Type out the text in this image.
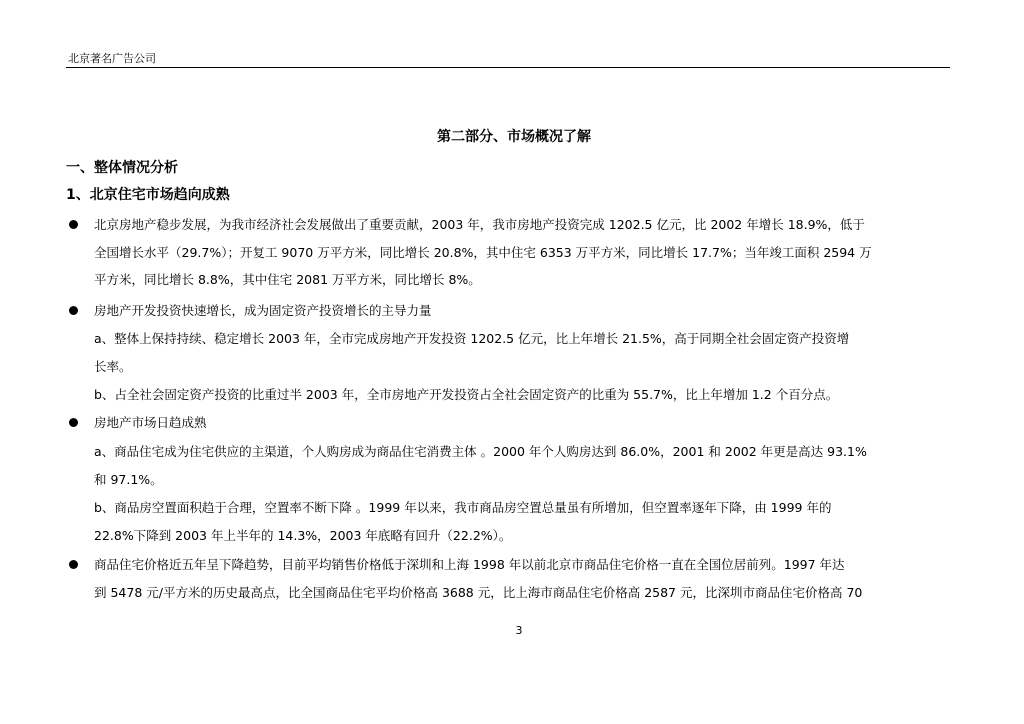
北京著名广告公司
第二部分、市场概况了解
一、整体情况分析
1、北京住宅市场趋向成熟
北京房地产稳步发展，为我市经济社会发展做出了重要贡献，2003 年，我市房地产投资完成 1202.5 亿元，比 2002 年增长 18.9%，低于
全国增长水平（29.7%）；开复工 9070 万平方米，同比增长 20.8%，其中住宅 6353 万平方米，同比增长 17.7%；当年竣工面积 2594 万
平方米，同比增长 8.8%，其中住宅 2081 万平方米，同比增长 8%。
房地产开发投资快速增长，成为固定资产投资增长的主导力量
a、整体上保持持续、稳定增长 2003 年，全市完成房地产开发投资 1202.5 亿元，比上年增长 21.5%，高于同期全社会固定资产投资增
长率。
b、占全社会固定资产投资的比重过半 2003 年，全市房地产开发投资占全社会固定资产的比重为 55.7%，比上年增加 1.2 个百分点。
房地产市场日趋成熟
a、商品住宅成为住宅供应的主渠道，个人购房成为商品住宅消费主体 。2000 年个人购房达到 86.0%，2001 和 2002 年更是高达 93.1%
和 97.1%。
b、商品房空置面积趋于合理，空置率不断下降 。1999 年以来，我市商品房空置总量虽有所增加，但空置率逐年下降，由 1999 年的
22.8%下降到 2003 年上半年的 14.3%，2003 年底略有回升（22.2%）。
商品住宅价格近五年呈下降趋势，目前平均销售价格低于深圳和上海 1998 年以前北京市商品住宅价格一直在全国位居前列。1997 年达
到 5478 元/平方米的历史最高点，比全国商品住宅平均价格高 3688 元，比上海市商品住宅价格高 2587 元，比深圳市商品住宅价格高 70
3
